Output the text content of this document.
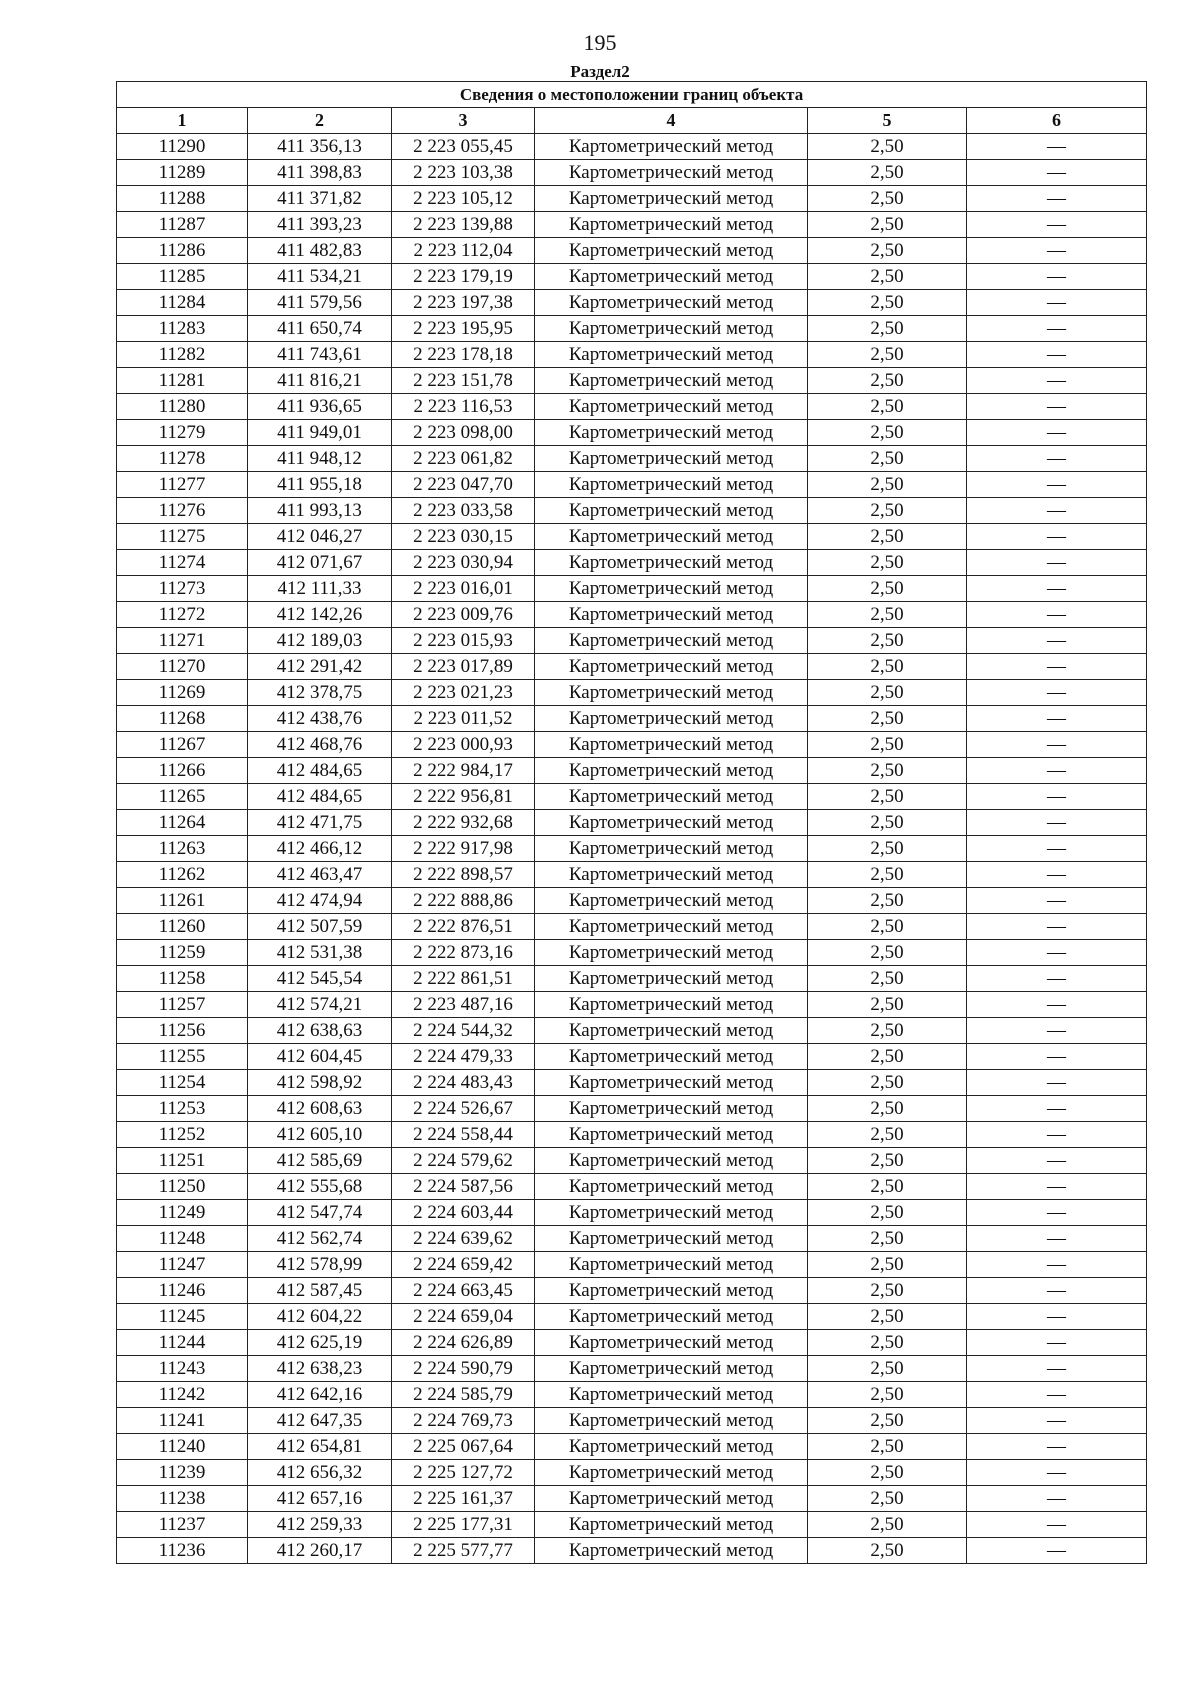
195
Раздел2
Сведения о местоположении границ объекта					
1	2	3	4	5	6
11290	411 356,13	2 223 055,45	Картометрический метод	2,50	—
11289	411 398,83	2 223 103,38	Картометрический метод	2,50	—
11288	411 371,82	2 223 105,12	Картометрический метод	2,50	—
11287	411 393,23	2 223 139,88	Картометрический метод	2,50	—
11286	411 482,83	2 223 112,04	Картометрический метод	2,50	—
11285	411 534,21	2 223 179,19	Картометрический метод	2,50	—
11284	411 579,56	2 223 197,38	Картометрический метод	2,50	—
11283	411 650,74	2 223 195,95	Картометрический метод	2,50	—
11282	411 743,61	2 223 178,18	Картометрический метод	2,50	—
11281	411 816,21	2 223 151,78	Картометрический метод	2,50	—
11280	411 936,65	2 223 116,53	Картометрический метод	2,50	—
11279	411 949,01	2 223 098,00	Картометрический метод	2,50	—
11278	411 948,12	2 223 061,82	Картометрический метод	2,50	—
11277	411 955,18	2 223 047,70	Картометрический метод	2,50	—
11276	411 993,13	2 223 033,58	Картометрический метод	2,50	—
11275	412 046,27	2 223 030,15	Картометрический метод	2,50	—
11274	412 071,67	2 223 030,94	Картометрический метод	2,50	—
11273	412 111,33	2 223 016,01	Картометрический метод	2,50	—
11272	412 142,26	2 223 009,76	Картометрический метод	2,50	—
11271	412 189,03	2 223 015,93	Картометрический метод	2,50	—
11270	412 291,42	2 223 017,89	Картометрический метод	2,50	—
11269	412 378,75	2 223 021,23	Картометрический метод	2,50	—
11268	412 438,76	2 223 011,52	Картометрический метод	2,50	—
11267	412 468,76	2 223 000,93	Картометрический метод	2,50	—
11266	412 484,65	2 222 984,17	Картометрический метод	2,50	—
11265	412 484,65	2 222 956,81	Картометрический метод	2,50	—
11264	412 471,75	2 222 932,68	Картометрический метод	2,50	—
11263	412 466,12	2 222 917,98	Картометрический метод	2,50	—
11262	412 463,47	2 222 898,57	Картометрический метод	2,50	—
11261	412 474,94	2 222 888,86	Картометрический метод	2,50	—
11260	412 507,59	2 222 876,51	Картометрический метод	2,50	—
11259	412 531,38	2 222 873,16	Картометрический метод	2,50	—
11258	412 545,54	2 222 861,51	Картометрический метод	2,50	—
11257	412 574,21	2 223 487,16	Картометрический метод	2,50	—
11256	412 638,63	2 224 544,32	Картометрический метод	2,50	—
11255	412 604,45	2 224 479,33	Картометрический метод	2,50	—
11254	412 598,92	2 224 483,43	Картометрический метод	2,50	—
11253	412 608,63	2 224 526,67	Картометрический метод	2,50	—
11252	412 605,10	2 224 558,44	Картометрический метод	2,50	—
11251	412 585,69	2 224 579,62	Картометрический метод	2,50	—
11250	412 555,68	2 224 587,56	Картометрический метод	2,50	—
11249	412 547,74	2 224 603,44	Картометрический метод	2,50	—
11248	412 562,74	2 224 639,62	Картометрический метод	2,50	—
11247	412 578,99	2 224 659,42	Картометрический метод	2,50	—
11246	412 587,45	2 224 663,45	Картометрический метод	2,50	—
11245	412 604,22	2 224 659,04	Картометрический метод	2,50	—
11244	412 625,19	2 224 626,89	Картометрический метод	2,50	—
11243	412 638,23	2 224 590,79	Картометрический метод	2,50	—
11242	412 642,16	2 224 585,79	Картометрический метод	2,50	—
11241	412 647,35	2 224 769,73	Картометрический метод	2,50	—
11240	412 654,81	2 225 067,64	Картометрический метод	2,50	—
11239	412 656,32	2 225 127,72	Картометрический метод	2,50	—
11238	412 657,16	2 225 161,37	Картометрический метод	2,50	—
11237	412 259,33	2 225 177,31	Картометрический метод	2,50	—
11236	412 260,17	2 225 577,77	Картометрический метод	2,50	—
